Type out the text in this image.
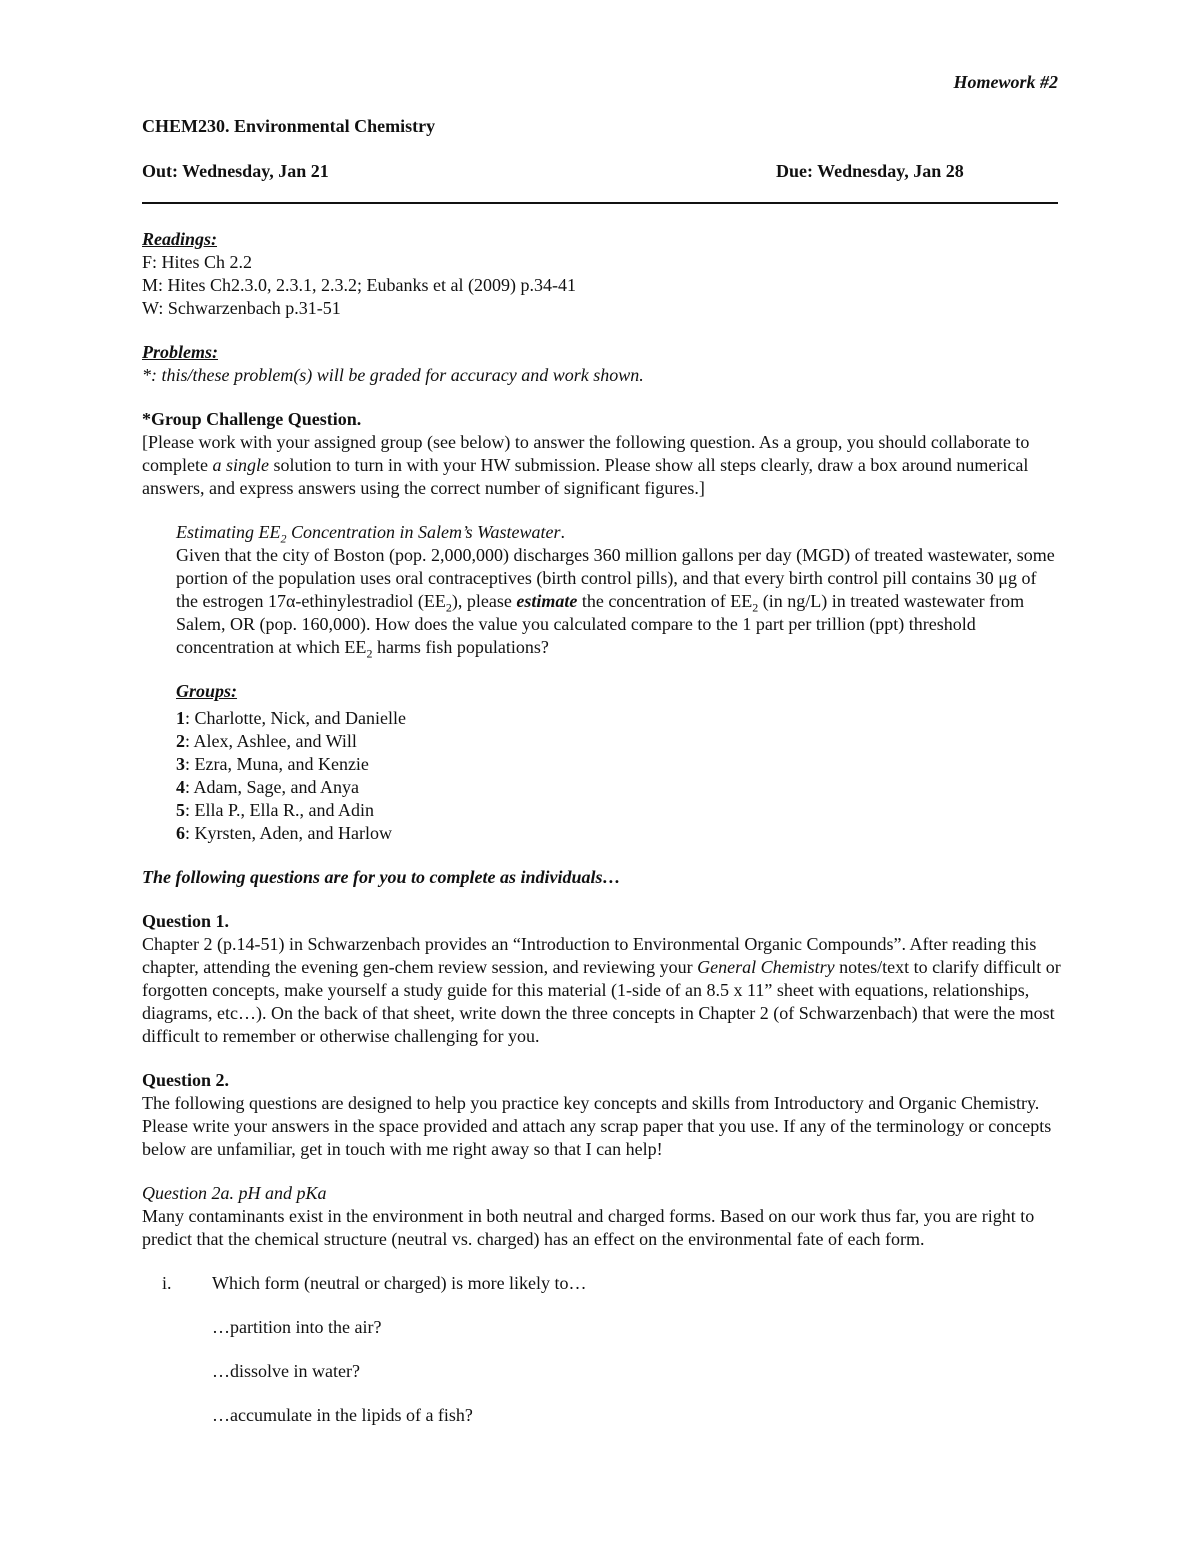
Homework #2
CHEM230. Environmental Chemistry
Out: Wednesday, Jan 21	Due: Wednesday, Jan 28

Readings:

F: Hites Ch 2.2

M: Hites Ch2.3.0, 2.3.1, 2.3.2; Eubanks et al (2009) p.34-41

W: Schwarzenbach p.31-51

Problems:

*: this/these problem(s) will be graded for accuracy and work shown.

*Group Challenge Question.

[Please work with your assigned group (see below) to answer the following question. As a group, you should collaborate to complete a single solution to turn in with your HW submission. Please show all steps clearly, draw a box around numerical answers, and express answers using the correct number of significant figures.]

Estimating $EE_2$ Concentration in Salem’s Wastewater.

Given that the city of Boston (pop. 2,000,000) discharges 360 million gallons per day (MGD) of treated wastewater, some portion of the population uses oral contraceptives (birth control pills), and that every birth control pill contains 30 μg of the estrogen 17α-ethinylestradiol $(EE_2)$, please estimate the concentration of $EE_2$ (in ng/L) in treated wastewater from Salem, OR (pop. 160,000). How does the value you calculated compare to the 1 part per trillion (ppt) threshold concentration at which $EE_2$ harms fish populations?

Groups:

1: Charlotte, Nick, and Danielle

2: Alex, Ashlee, and Will

3: Ezra, Muna, and Kenzie

4: Adam, Sage, and Anya

5: Ella P., Ella R., and Adin

6: Kyrsten, Aden, and Harlow

The following questions are for you to complete as individuals…

Question 1.

Chapter 2 (p.14-51) in Schwarzenbach provides an “Introduction to Environmental Organic Compounds”. After reading this chapter, attending the evening gen-chem review session, and reviewing your General Chemistry notes/text to clarify difficult or forgotten concepts, make yourself a study guide for this material (1-side of an 8.5 x 11” sheet with equations, relationships, diagrams, etc…). On the back of that sheet, write down the three concepts in Chapter 2 (of Schwarzenbach) that were the most difficult to remember or otherwise challenging for you.

Question 2.

The following questions are designed to help you practice key concepts and skills from Introductory and Organic Chemistry. Please write your answers in the space provided and attach any scrap paper that you use. If any of the terminology or concepts below are unfamiliar, get in touch with me right away so that I can help!

Question 2a. pH and pKa

Many contaminants exist in the environment in both neutral and charged forms. Based on our work thus far, you are right to predict that the chemical structure (neutral vs. charged) has an effect on the environmental fate of each form.

i. Which form (neutral or charged) is more likely to…

…partition into the air?

…dissolve in water?

…accumulate in the lipids of a fish?
